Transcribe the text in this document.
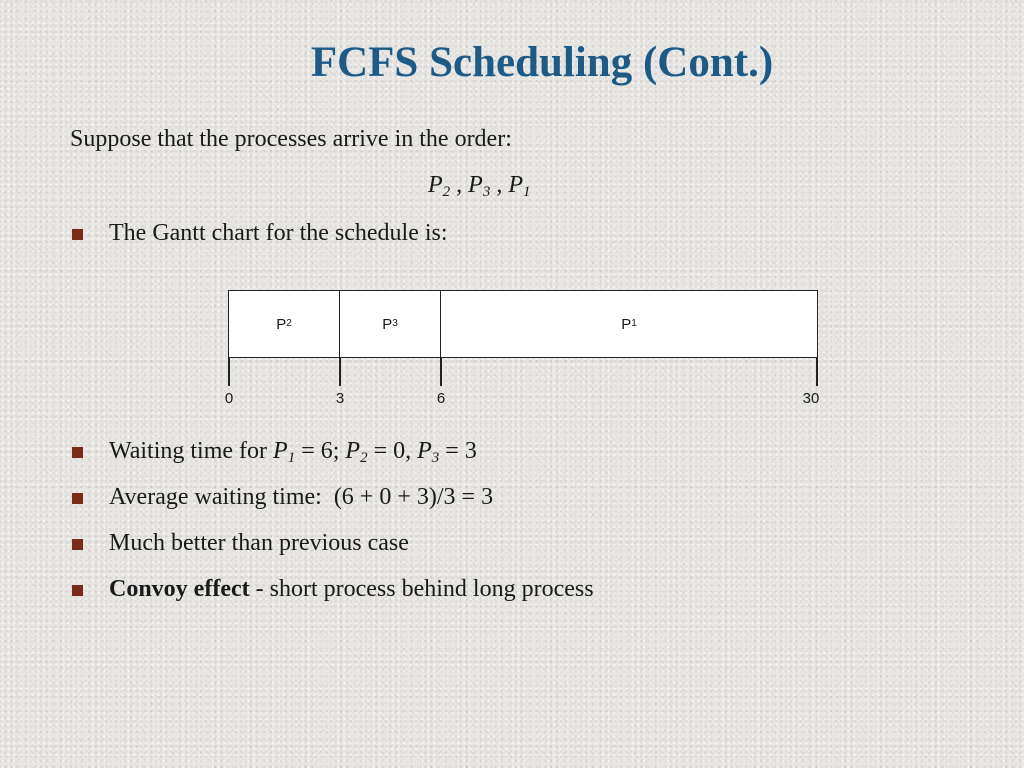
FCFS Scheduling (Cont.)
Suppose that the processes arrive in the order:
$P_2$ , $P_3$ , $P_1$
The Gantt chart for the schedule is:
P 2	P 3	P 1
0	3	6	30
Waiting time for $P_1 = 6$; $P_2 = 0$, $P_3 = 3$
Average waiting time:  (6 + 0 + 3)/3 = 3
Much better than previous case
Convoy effect - short process behind long process
